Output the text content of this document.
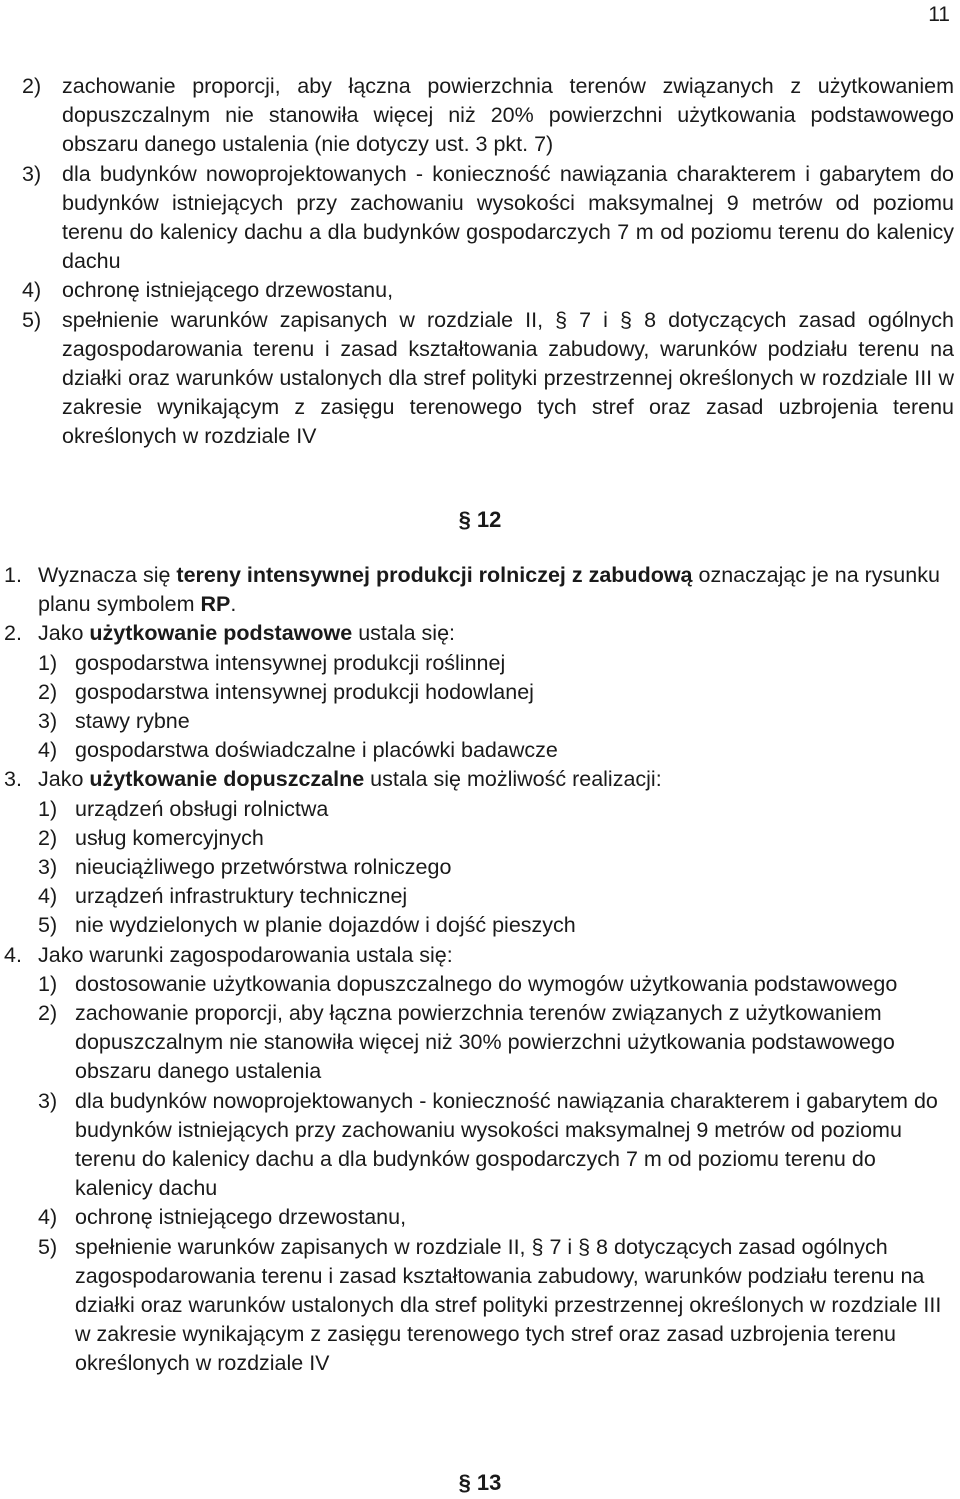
11
2) zachowanie proporcji, aby łączna powierzchnia terenów związanych z użytkowaniem dopuszczalnym nie stanowiła więcej niż 20% powierzchni użytkowania podstawowego obszaru danego ustalenia (nie dotyczy ust. 3 pkt. 7)
3) dla budynków nowoprojektowanych - konieczność nawiązania charakterem i gabarytem do budynków istniejących przy zachowaniu wysokości maksymalnej 9 metrów od poziomu terenu do kalenicy dachu a dla budynków gospodarczych 7 m od poziomu terenu do kalenicy dachu
4) ochronę istniejącego drzewostanu,
5) spełnienie warunków zapisanych w rozdziale II, § 7 i § 8 dotyczących zasad ogólnych zagospodarowania terenu i zasad kształtowania zabudowy, warunków podziału terenu na działki oraz warunków ustalonych dla stref polityki przestrzennej określonych w rozdziale III w zakresie wynikającym z zasięgu terenowego tych stref oraz zasad uzbrojenia terenu określonych w rozdziale IV
§ 12
1. Wyznacza się tereny intensywnej produkcji rolniczej z zabudową oznaczając je na rysunku planu symbolem RP.
2. Jako użytkowanie podstawowe ustala się:
1) gospodarstwa intensywnej produkcji roślinnej
2) gospodarstwa intensywnej produkcji hodowlanej
3) stawy rybne
4) gospodarstwa doświadczalne i placówki badawcze
3. Jako użytkowanie dopuszczalne ustala się możliwość realizacji:
1) urządzeń obsługi rolnictwa
2) usług komercyjnych
3) nieuciążliwego przetwórstwa rolniczego
4) urządzeń infrastruktury technicznej
5) nie wydzielonych w planie dojazdów i dojść pieszych
4. Jako warunki zagospodarowania ustala się:
1) dostosowanie użytkowania dopuszczalnego do wymogów użytkowania podstawowego
2) zachowanie proporcji, aby łączna powierzchnia terenów związanych z użytkowaniem dopuszczalnym nie stanowiła więcej niż 30% powierzchni użytkowania podstawowego obszaru danego ustalenia
3) dla budynków nowoprojektowanych - konieczność nawiązania charakterem i gabarytem do budynków istniejących przy zachowaniu wysokości maksymalnej 9 metrów od poziomu terenu do kalenicy dachu a dla budynków gospodarczych 7 m od poziomu terenu do kalenicy dachu
4) ochronę istniejącego drzewostanu,
5) spełnienie warunków zapisanych w rozdziale II, § 7 i § 8 dotyczących zasad ogólnych zagospodarowania terenu i zasad kształtowania zabudowy, warunków podziału terenu na działki oraz warunków ustalonych dla stref polityki przestrzennej określonych w rozdziale III w zakresie wynikającym z zasięgu terenowego tych stref oraz zasad uzbrojenia terenu określonych w rozdziale IV
§ 13
